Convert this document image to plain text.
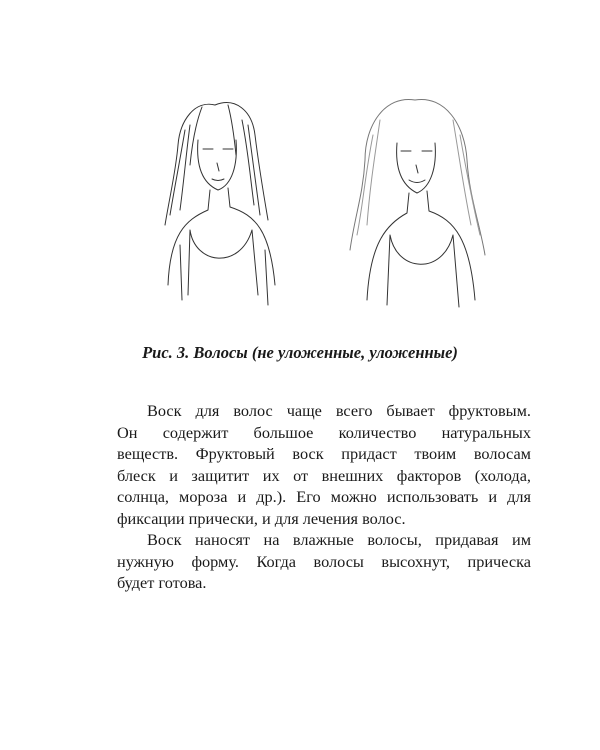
Рис. 3. Волосы (не уложенные, уложенные)
Воск для волос чаще всего бывает фруктовым.
Он содержит большое количество натуральных
веществ. Фруктовый воск придаст твоим волосам
блеск и защитит их от внешних факторов (холода,
солнца, мороза и др.). Его можно использовать и для
фиксации прически, и для лечения волос.
Воск наносят на влажные волосы, придавая им
нужную форму. Когда волосы высохнут, прическа
будет готова.
